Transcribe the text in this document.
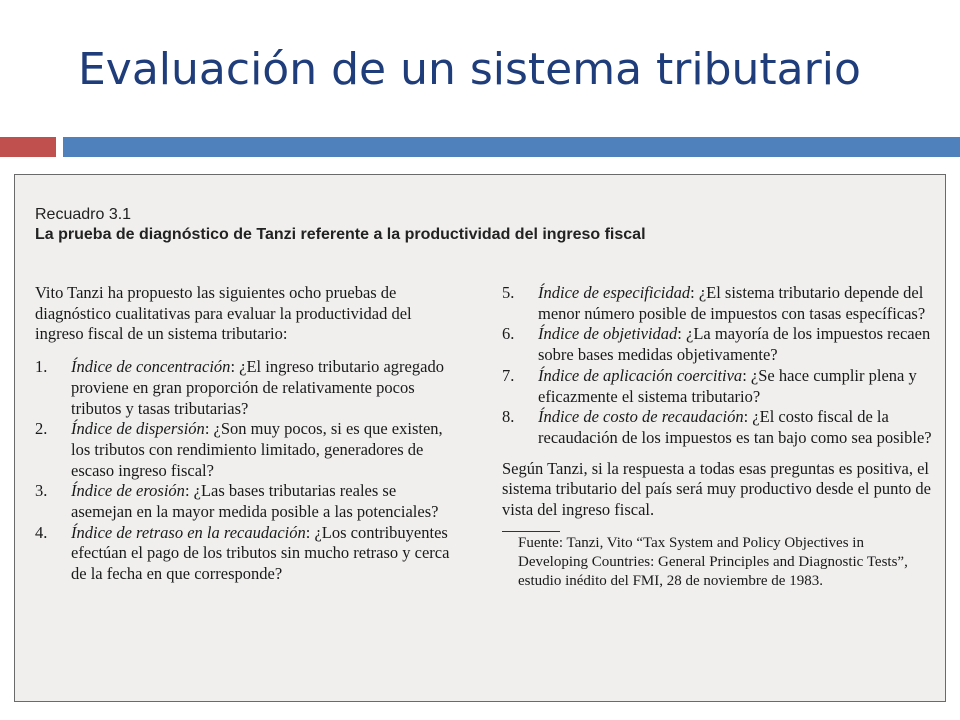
Evaluación de un sistema tributario
Recuadro 3.1
La prueba de diagnóstico de Tanzi referente a la productividad del ingreso fiscal

Vito Tanzi ha propuesto las siguientes ocho pruebas de diagnóstico cualitativas para evaluar la productividad del ingreso fiscal de un sistema tributario:

1.	Índice de concentración: ¿El ingreso tributario agregado proviene en gran proporción de relativamente pocos tributos y tasas tributarias?
2.	Índice de dispersión: ¿Son muy pocos, si es que existen, los tributos con rendimiento limitado, generadores de escaso ingreso fiscal?
3.	Índice de erosión: ¿Las bases tributarias reales se asemejan en la mayor medida posible a las potenciales?
4.	Índice de retraso en la recaudación: ¿Los contribuyentes efectúan el pago de los tributos sin mucho retraso y cerca de la fecha en que corresponde?
5.	Índice de especificidad: ¿El sistema tributario depende del menor número posible de impuestos con tasas específicas?
6.	Índice de objetividad: ¿La mayoría de los impuestos recaen sobre bases medidas objetivamente?
7.	Índice de aplicación coercitiva: ¿Se hace cumplir plena y eficazmente el sistema tributario?
8.	Índice de costo de recaudación: ¿El costo fiscal de la recaudación de los impuestos es tan bajo como sea posible?

Según Tanzi, si la respuesta a todas esas preguntas es positiva, el sistema tributario del país será muy productivo desde el punto de vista del ingreso fiscal.

Fuente: Tanzi, Vito “Tax System and Policy Objectives in Developing Countries: General Principles and Diagnostic Tests”, estudio inédito del FMI, 28 de noviembre de 1983.
